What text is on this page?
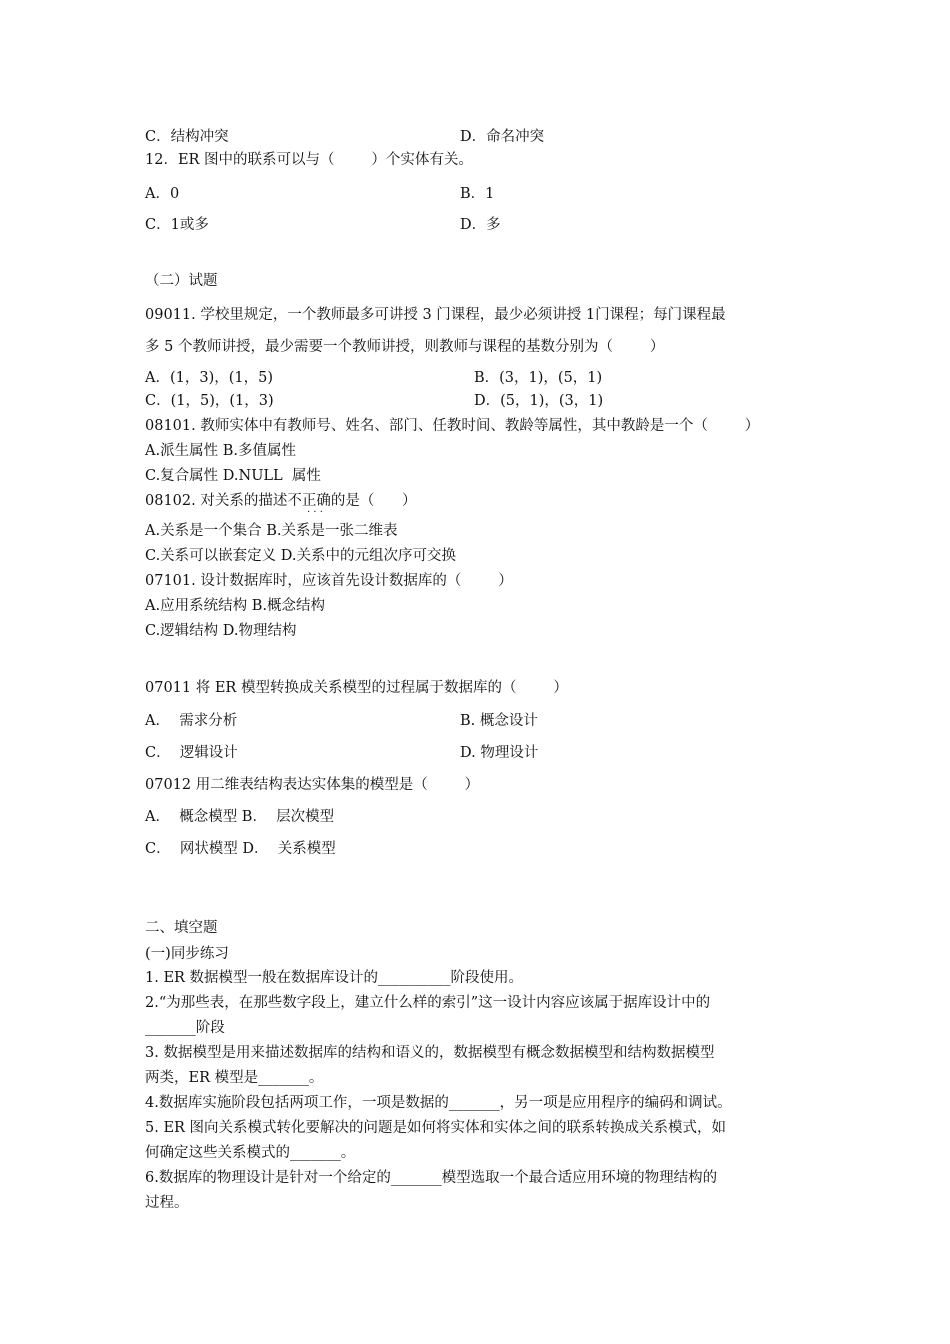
C．结构冲突	D．命名冲突
12．ER 图中的联系可以与（        ）个实体有关。
A．0	B．1
C．1或多	D．多
（二）试题
09011. 学校里规定，一个教师最多可讲授 3 门课程，最少必须讲授 1门课程；每门课程最
多 5 个教师讲授，最少需要一个教师讲授，则教师与课程的基数分别为（        ）
A．(1，3)，(1，5)	B．(3，1)，(5，1)
C．(1，5)，(1，3)	D．(5，1)，(3，1)
08101. 教师实体中有教师号、姓名、部门、任教时间、教龄等属性，其中教龄是一个（        ）
A.派生属性 B.多值属性
C.复合属性 D.NULL  属性
08102. 对关系的描述不正确的是（      ）
· · ·
A.关系是一个集合 B.关系是一张二维表
C.关系可以嵌套定义 D.关系中的元组次序可交换
07101. 设计数据库时，应该首先设计数据库的（        ）
A.应用系统结构 B.概念结构
C.逻辑结构 D.物理结构
07011 将 ER 模型转换成关系模型的过程属于数据库的（        ）
A．  需求分析	B. 概念设计
C．  逻辑设计	D. 物理设计
07012 用二维表结构表达实体集的模型是（        ）
A．  概念模型 B．  层次模型
C．  网状模型 D．  关系模型
二、填空题
(一)同步练习
1. ER 数据模型一般在数据库设计的__________阶段使用。
2.“为那些表，在那些数字段上，建立什么样的索引”这一设计内容应该属于据库设计中的
_______阶段
3. 数据模型是用来描述数据库的结构和语义的，数据模型有概念数据模型和结构数据模型
两类，ER 模型是_______。
4.数据库实施阶段包括两项工作，一项是数据的_______，另一项是应用程序的编码和调试。
5. ER 图向关系模式转化要解决的问题是如何将实体和实体之间的联系转换成关系模式，如
何确定这些关系模式的_______。
6.数据库的物理设计是针对一个给定的_______模型选取一个最合适应用环境的物理结构的
过程。
